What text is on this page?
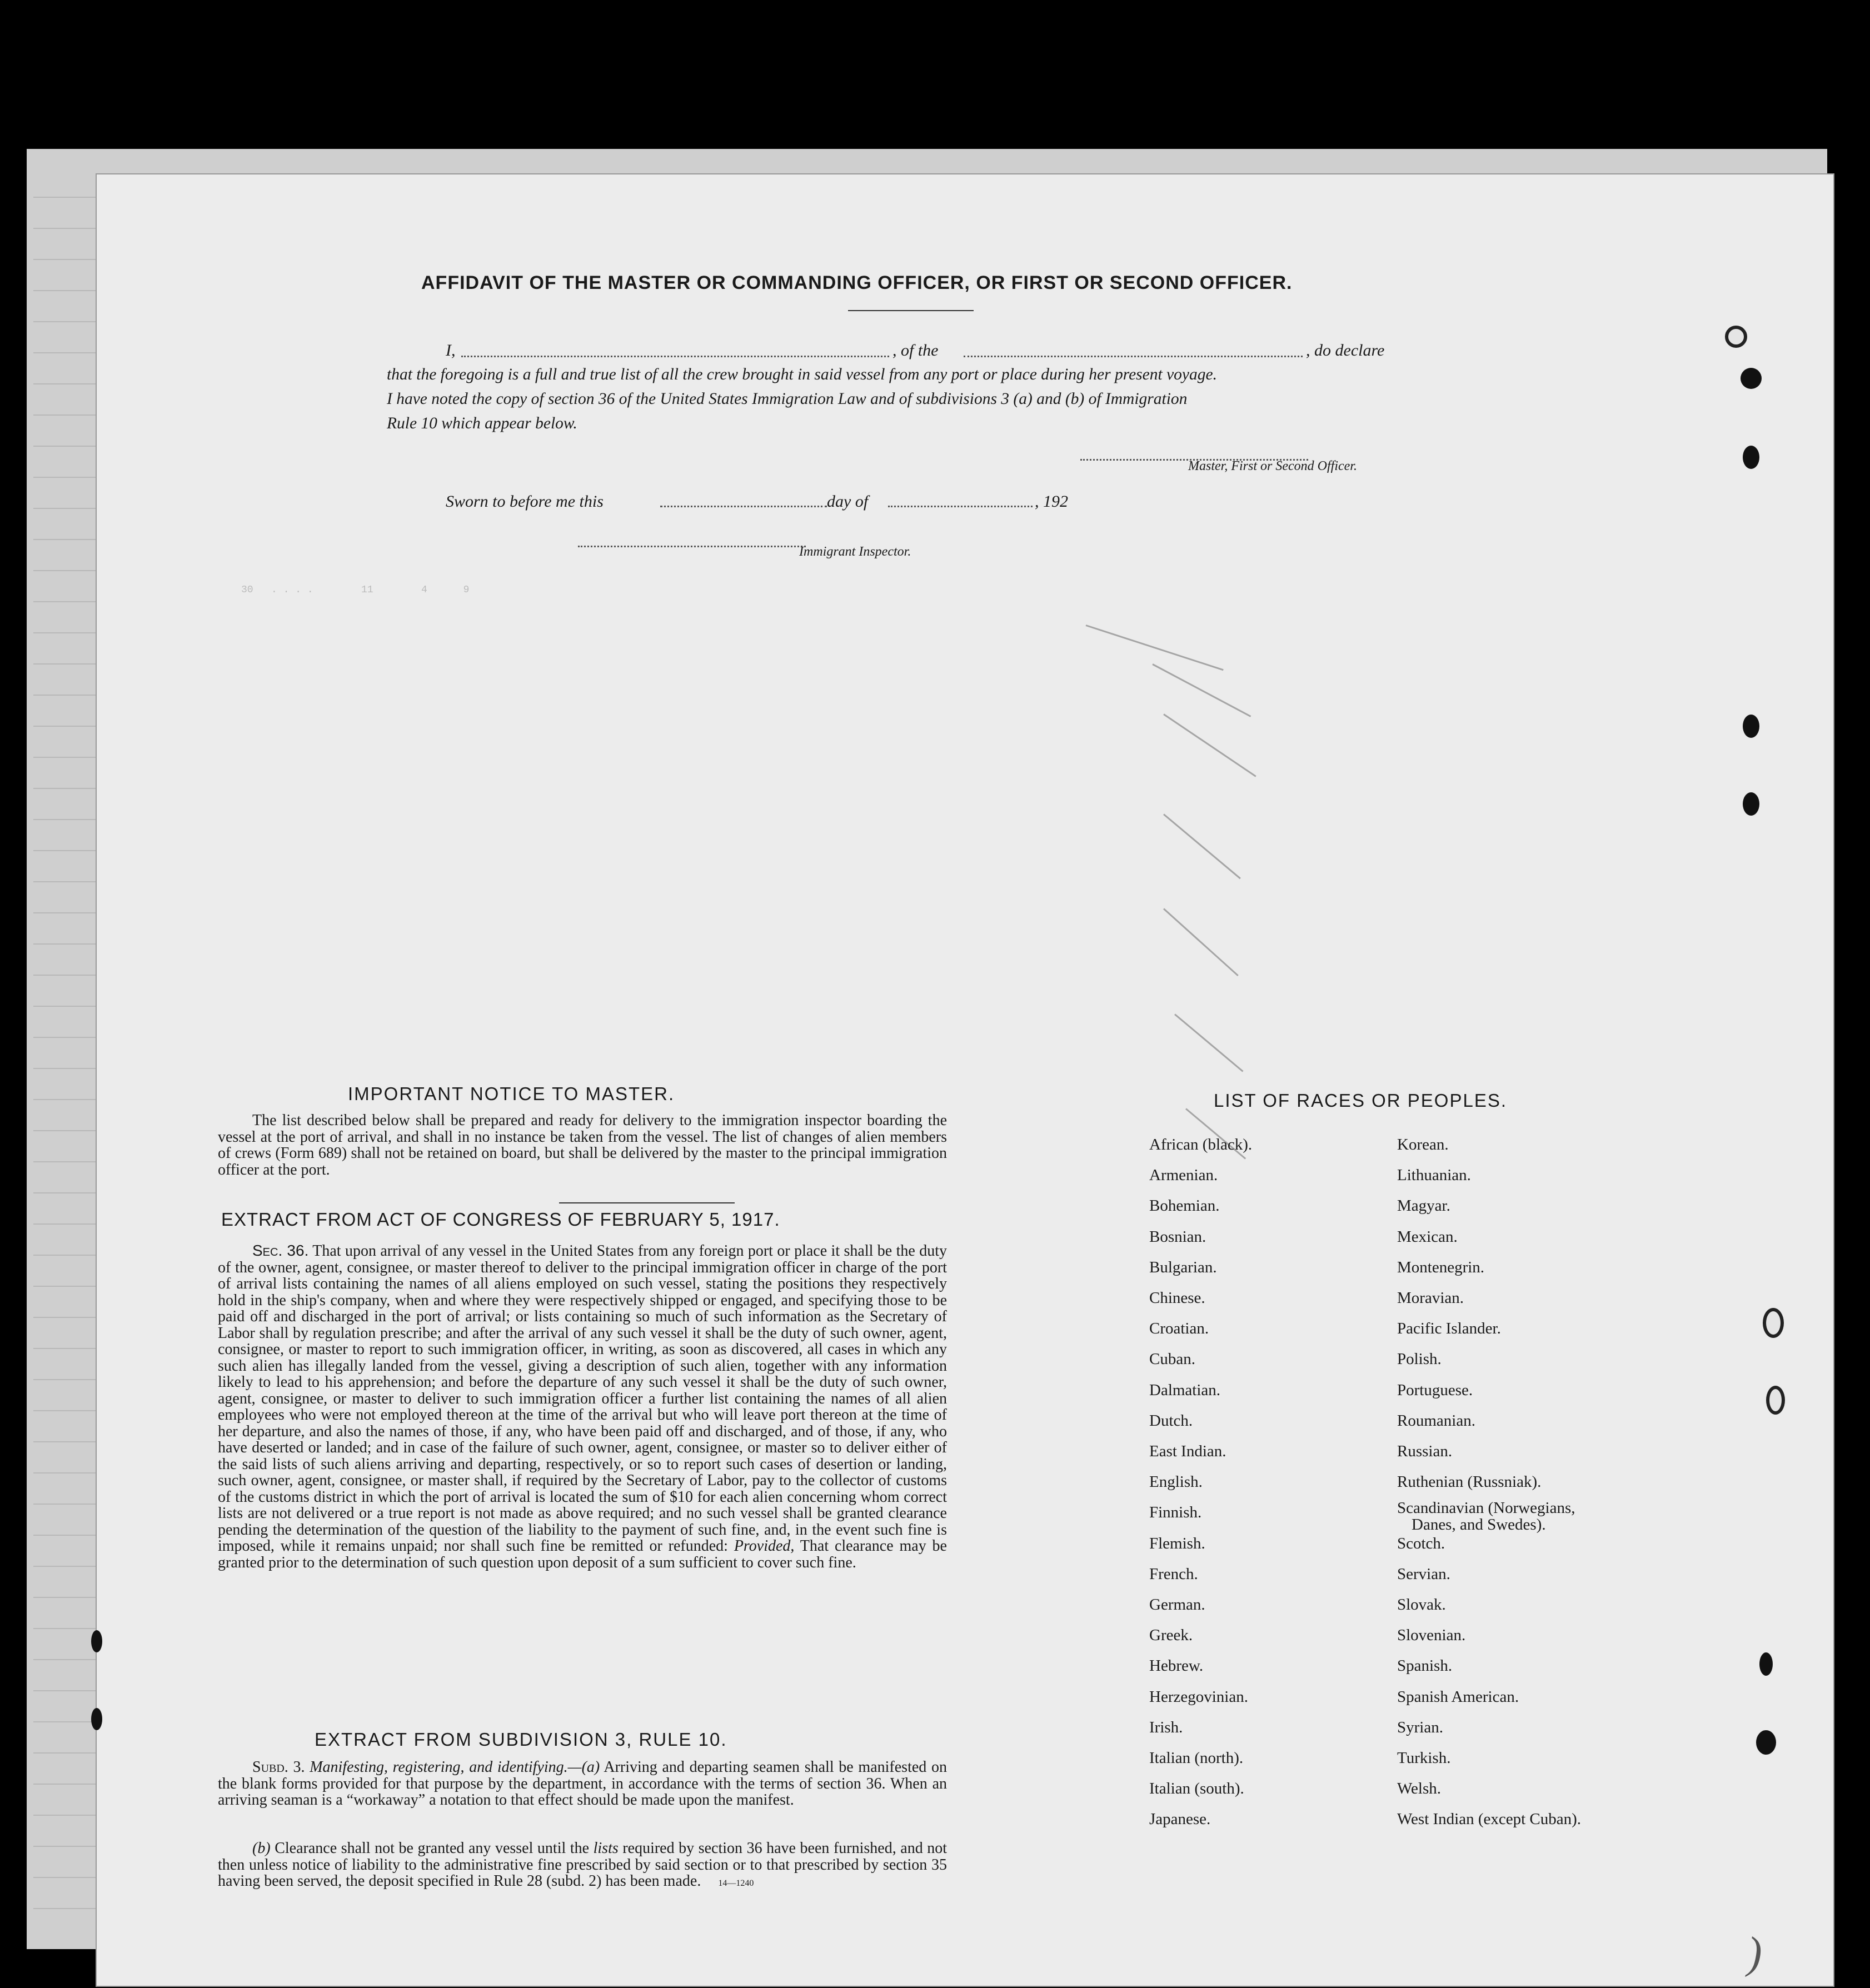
30   . . . .        11        4      9
AFFIDAVIT OF THE MASTER OR COMMANDING OFFICER, OR FIRST OR SECOND OFFICER.
I,	, of the	, do declare
that the foregoing is a full and true list of all the crew brought in said vessel from any port or place during her present voyage.
I have noted the copy of section 36 of the United States Immigration Law and of subdivisions 3 (a) and (b) of Immigration
Rule 10 which appear below.
Master, First or Second Officer.
Sworn to before me this	day of	, 192
Immigrant Inspector.
IMPORTANT NOTICE TO MASTER.
The list described below shall be prepared and ready for delivery to the immigration inspector boarding the vessel at the port of arrival, and shall in no instance be taken from the vessel. The list of changes of alien members of crews (Form 689) shall not be retained on board, but shall be delivered by the master to the principal immigration officer at the port.
EXTRACT FROM ACT OF CONGRESS OF FEBRUARY 5, 1917.
Sec. 36. That upon arrival of any vessel in the United States from any foreign port or place it shall be the duty of the owner, agent, consignee, or master thereof to deliver to the principal immigration officer in charge of the port of arrival lists containing the names of all aliens employed on such vessel, stating the positions they respectively hold in the ship's company, when and where they were respectively shipped or engaged, and specifying those to be paid off and discharged in the port of arrival; or lists containing so much of such information as the Secretary of Labor shall by regulation prescribe; and after the arrival of any such vessel it shall be the duty of such owner, agent, consignee, or master to report to such immigration officer, in writing, as soon as discovered, all cases in which any such alien has illegally landed from the vessel, giving a description of such alien, together with any information likely to lead to his apprehension; and before the departure of any such vessel it shall be the duty of such owner, agent, consignee, or master to deliver to such immigration officer a further list containing the names of all alien employees who were not employed thereon at the time of the arrival but who will leave port thereon at the time of her departure, and also the names of those, if any, who have been paid off and discharged, and of those, if any, who have deserted or landed; and in case of the failure of such owner, agent, consignee, or master so to deliver either of the said lists of such aliens arriving and departing, respectively, or so to report such cases of desertion or landing, such owner, agent, consignee, or master shall, if required by the Secretary of Labor, pay to the collector of customs of the customs district in which the port of arrival is located the sum of $10 for each alien concerning whom correct lists are not delivered or a true report is not made as above required; and no such vessel shall be granted clearance pending the determination of the question of the liability to the payment of such fine, and, in the event such fine is imposed, while it remains unpaid; nor shall such fine be remitted or refunded: Provided, That clearance may be granted prior to the determination of such question upon deposit of a sum sufficient to cover such fine.
EXTRACT FROM SUBDIVISION 3, RULE 10.
Subd. 3. Manifesting, registering, and identifying.—(a) Arriving and departing seamen shall be manifested on the blank forms provided for that purpose by the department, in accordance with the terms of section 36. When an arriving seaman is a “workaway” a notation to that effect should be made upon the manifest.
(b) Clearance shall not be granted any vessel until the lists required by section 36 have been furnished, and not then unless notice of liability to the administrative fine prescribed by said section or to that prescribed by section 35 having been served, the deposit specified in Rule 28 (subd. 2) has been made. 14—1240
LIST OF RACES OR PEOPLES.
African (black).
Armenian.
Bohemian.
Bosnian.
Bulgarian.
Chinese.
Croatian.
Cuban.
Dalmatian.
Dutch.
East Indian.
English.
Finnish.
Flemish.
French.
German.
Greek.
Hebrew.
Herzegovinian.
Irish.
Italian (north).
Italian (south).
Japanese.
Korean.
Lithuanian.
Magyar.
Mexican.
Montenegrin.
Moravian.
Pacific Islander.
Polish.
Portuguese.
Roumanian.
Russian.
Ruthenian (Russniak).
Scandinavian (Norwegians,
Scotch.
Servian.
Slovak.
Slovenian.
Spanish.
Spanish American.
Syrian.
Turkish.
Welsh.
West Indian (except Cuban).
Danes, and Swedes).
)
